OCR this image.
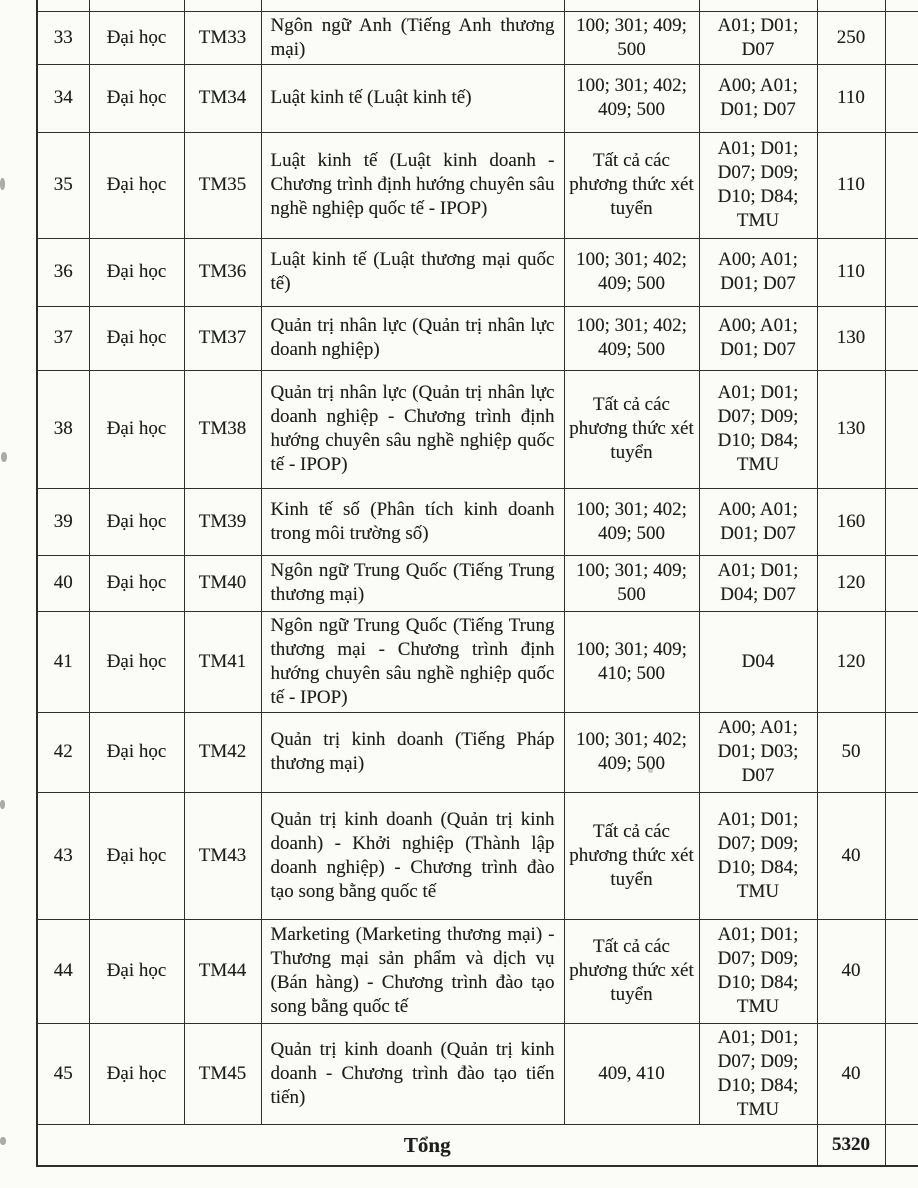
33	Đại học	TM33	Ngôn ngữ Anh (Tiếng Anh thương mại)	100; 301; 409; 500	A01; D01; D07	250	
34	Đại học	TM34	Luật kinh tế (Luật kinh tế)	100; 301; 402; 409; 500	A00; A01; D01; D07	110	
35	Đại học	TM35	Luật kinh tế (Luật kinh doanh - Chương trình định hướng chuyên sâu nghề nghiệp quốc tế - IPOP)	Tất cả các phương thức xét tuyển	A01; D01; D07; D09; D10; D84; TMU	110	
36	Đại học	TM36	Luật kinh tế (Luật thương mại quốc tế)	100; 301; 402; 409; 500	A00; A01; D01; D07	110	
37	Đại học	TM37	Quản trị nhân lực (Quản trị nhân lực doanh nghiệp)	100; 301; 402; 409; 500	A00; A01; D01; D07	130	
38	Đại học	TM38	Quản trị nhân lực (Quản trị nhân lực doanh nghiệp - Chương trình định hướng chuyên sâu nghề nghiệp quốc tế - IPOP)	Tất cả các phương thức xét tuyển	A01; D01; D07; D09; D10; D84; TMU	130	
39	Đại học	TM39	Kinh tế số (Phân tích kinh doanh trong môi trường số)	100; 301; 402; 409; 500	A00; A01; D01; D07	160	
40	Đại học	TM40	Ngôn ngữ Trung Quốc (Tiếng Trung thương mại)	100; 301; 409; 500	A01; D01; D04; D07	120	
41	Đại học	TM41	Ngôn ngữ Trung Quốc (Tiếng Trung thương mại - Chương trình định hướng chuyên sâu nghề nghiệp quốc tế - IPOP)	100; 301; 409; 410; 500	D04	120	
42	Đại học	TM42	Quản trị kinh doanh (Tiếng Pháp thương mại)	100; 301; 402; 409; 500	A00; A01; D01; D03; D07	50	
43	Đại học	TM43	Quản trị kinh doanh (Quản trị kinh doanh) - Khởi nghiệp (Thành lập doanh nghiệp) - Chương trình đào tạo song bằng quốc tế	Tất cả các phương thức xét tuyển	A01; D01; D07; D09; D10; D84; TMU	40	
44	Đại học	TM44	Marketing (Marketing thương mại) - Thương mại sản phẩm và dịch vụ (Bán hàng) - Chương trình đào tạo song bằng quốc tế	Tất cả các phương thức xét tuyển	A01; D01; D07; D09; D10; D84; TMU	40	
45	Đại học	TM45	Quản trị kinh doanh (Quản trị kinh doanh - Chương trình đào tạo tiến tiến)	409, 410	A01; D01; D07; D09; D10; D84; TMU	40	
Tổng						5320	
